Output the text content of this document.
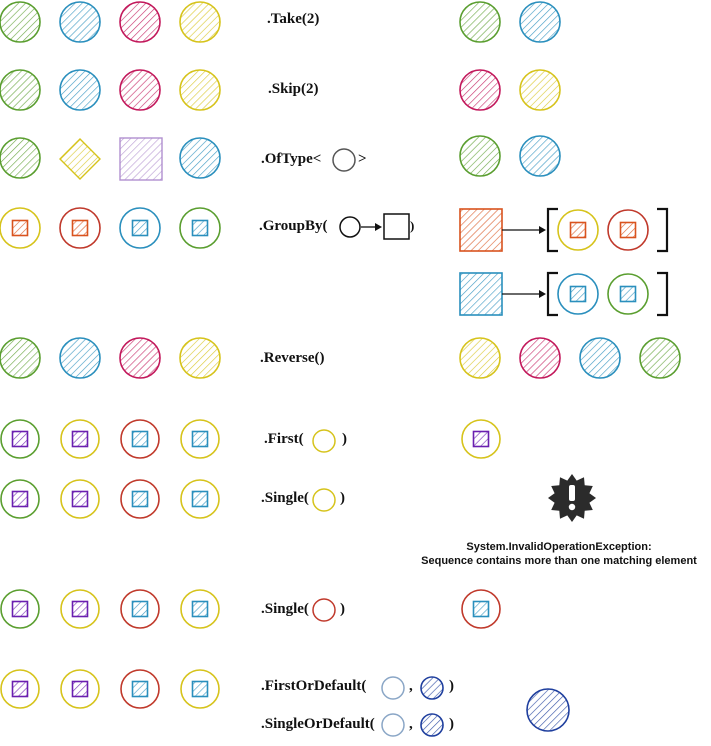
.Take(2)
.Skip(2)
.OfType< >
.GroupBy(	)
.Reverse()
.First(	)
.Single( )
.Single( )
.FirstOrDefault(	, )
.SingleOrDefault( , )
System.InvalidOperationException:
Sequence contains more than one matching element
